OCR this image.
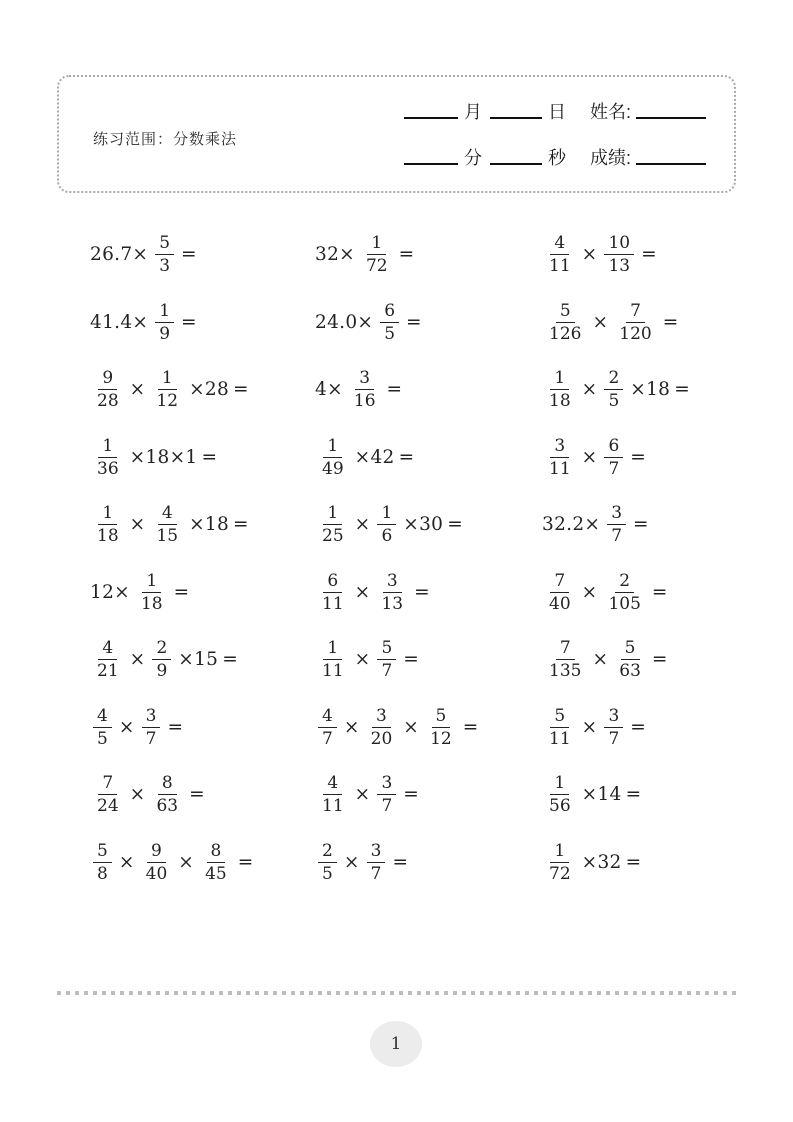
练习范围：分数乘法
月	日 姓名:
分	秒 成绩:
$26.7\times \frac{5}{3}$ =	$32\times \frac{1}{72}$ =	$\frac{4}{11} \times \frac{10}{13}$ =
$41.4\times \frac{1}{9}$ =	$24.0\times \frac{6}{5}$ =	$\frac{5}{126} \times \frac{7}{120}$ =
$\frac{9}{28} \times \frac{1}{12} \times 28$ =	$4\times \frac{3}{16}$ =	$\frac{1}{18} \times \frac{2}{5} \times 18$ =
$\frac{1}{36} \times 18\times 1$ =	$\frac{1}{49} \times 42$ =	$\frac{3}{11} \times \frac{6}{7}$ =
$\frac{1}{18} \times \frac{4}{15} \times 18$ =	$\frac{1}{25} \times \frac{1}{6} \times 30$ =	$32.2\times \frac{3}{7}$ =
$12\times \frac{1}{18}$ =	$\frac{6}{11} \times \frac{3}{13}$ =	$\frac{7}{40} \times \frac{2}{105}$ =
$\frac{4}{21} \times \frac{2}{9} \times 15$ =	$\frac{1}{11} \times \frac{5}{7}$ =	$\frac{7}{135} \times \frac{5}{63}$ =
$\frac{4}{5} \times \frac{3}{7}$ =	$\frac{4}{7} \times \frac{3}{20} \times \frac{5}{12}$ =	$\frac{5}{11} \times \frac{3}{7}$ =
$\frac{7}{24} \times \frac{8}{63}$ =	$\frac{4}{11} \times \frac{3}{7}$ =	$\frac{1}{56} \times 14$ =
$\frac{5}{8} \times \frac{9}{40} \times \frac{8}{45}$ =	$\frac{2}{5} \times \frac{3}{7}$ =	$\frac{1}{72} \times 32$ =
1
